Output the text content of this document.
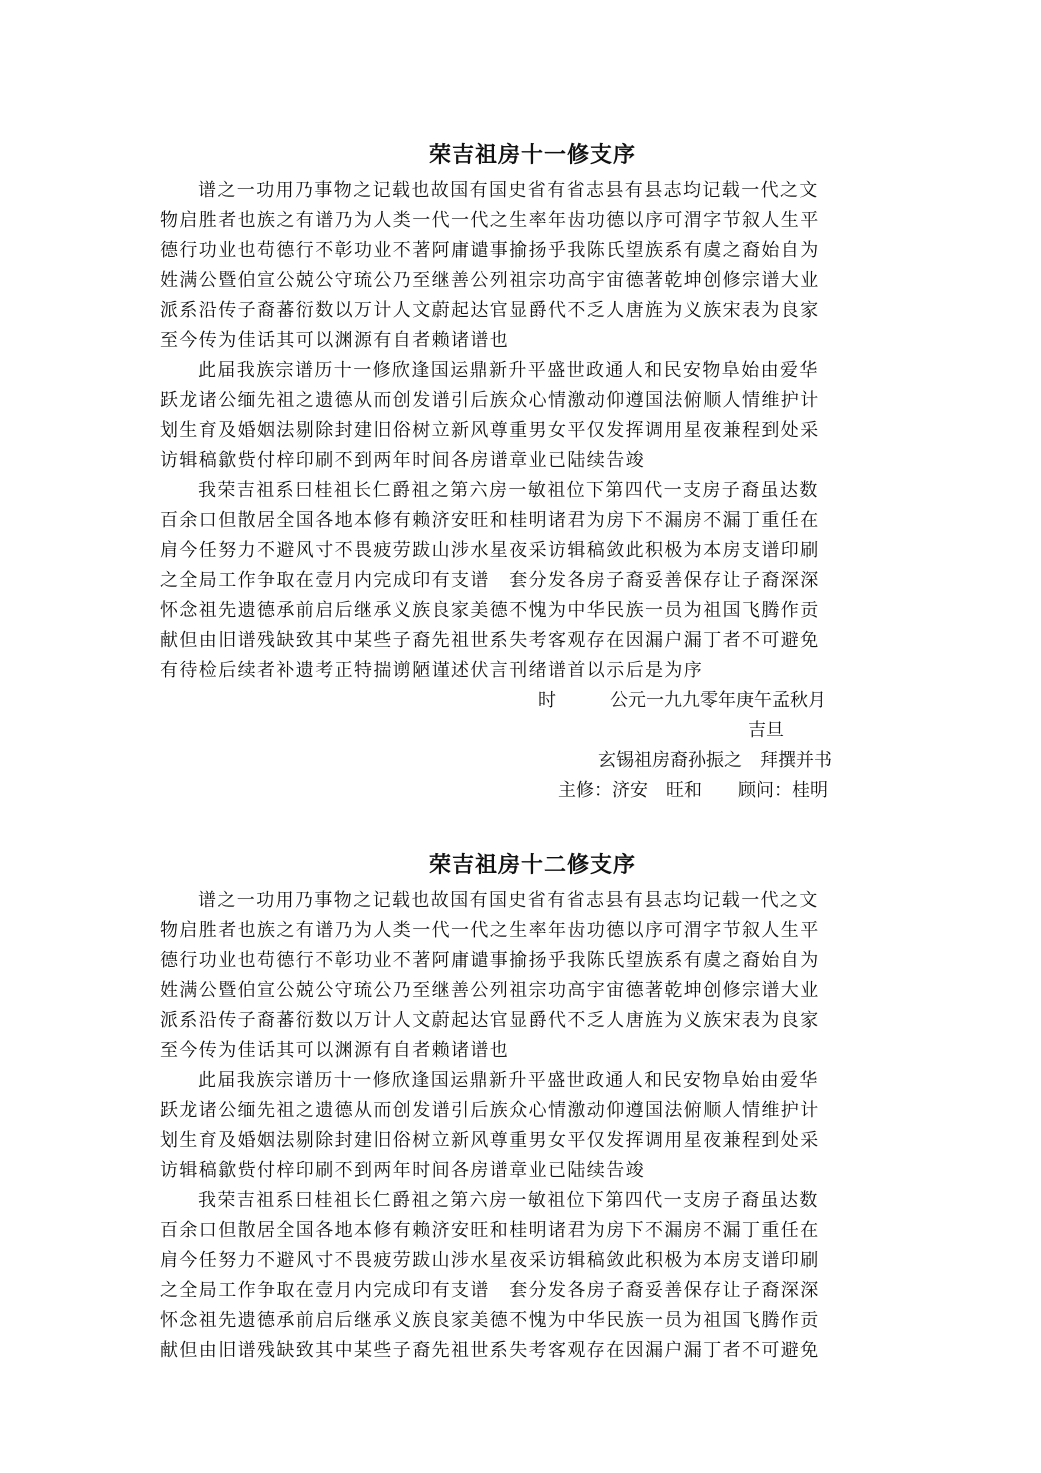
荣吉祖房十一修支序
谱之一功用乃事物之记载也故国有国史省有省志县有县志均记载一代之文
物启胜者也族之有谱乃为人类一代一代之生率年齿功德以序可渭字节叙人生平
德行功业也苟德行不彰功业不著阿庸谴事揄扬乎我陈氏望族系有虞之裔始自为
姓满公暨伯宣公兢公守琉公乃至继善公列祖宗功高宇宙德著乾坤创修宗谱大业
派系沿传子裔蕃衍数以万计人文蔚起达官显爵代不乏人唐旌为义族宋表为良家
至今传为佳话其可以渊源有自者赖诸谱也
此届我族宗谱历十一修欣逢国运鼎新升平盛世政通人和民安物阜始由爱华
跃龙诸公缅先祖之遗德从而创发谱引后族众心情激动仰遵国法俯顺人情维护计
划生育及婚姻法剔除封建旧俗树立新风尊重男女平仅发挥调用星夜兼程到处采
访辑稿歙赀付梓印刷不到两年时间各房谱章业已陆续告竣
我荣吉祖系曰桂祖长仁爵祖之第六房一敏祖位下第四代一支房子裔虽达数
百余口但散居全国各地本修有赖济安旺和桂明诸君为房下不漏房不漏丁重任在
肩今任努力不避风寸不畏疲劳跋山涉水星夜采访辑稿敛此积极为本房支谱印刷
之全局工作争取在壹月内完成印有支谱　套分发各房子裔妥善保存让子裔深深
怀念祖先遗德承前启后继承义族良家美德不愧为中华民族一员为祖国飞腾作贡
献但由旧谱残缺致其中某些子裔先祖世系失考客观存在因漏户漏丁者不可避免
有待检后续者补遗考正特揣谫陋谨述伏言刊绪谱首以示后是为序
时　　　公元一九九零年庚午孟秋月
吉旦
玄锡祖房裔孙振之　拜撰并书
主修：济安　旺和　　顾问：桂明
荣吉祖房十二修支序
谱之一功用乃事物之记载也故国有国史省有省志县有县志均记载一代之文
物启胜者也族之有谱乃为人类一代一代之生率年齿功德以序可渭字节叙人生平
德行功业也苟德行不彰功业不著阿庸谴事揄扬乎我陈氏望族系有虞之裔始自为
姓满公暨伯宣公兢公守琉公乃至继善公列祖宗功高宇宙德著乾坤创修宗谱大业
派系沿传子裔蕃衍数以万计人文蔚起达官显爵代不乏人唐旌为义族宋表为良家
至今传为佳话其可以渊源有自者赖诸谱也
此届我族宗谱历十一修欣逢国运鼎新升平盛世政通人和民安物阜始由爱华
跃龙诸公缅先祖之遗德从而创发谱引后族众心情激动仰遵国法俯顺人情维护计
划生育及婚姻法剔除封建旧俗树立新风尊重男女平仅发挥调用星夜兼程到处采
访辑稿歙赀付梓印刷不到两年时间各房谱章业已陆续告竣
我荣吉祖系曰桂祖长仁爵祖之第六房一敏祖位下第四代一支房子裔虽达数
百余口但散居全国各地本修有赖济安旺和桂明诸君为房下不漏房不漏丁重任在
肩今任努力不避风寸不畏疲劳跋山涉水星夜采访辑稿敛此积极为本房支谱印刷
之全局工作争取在壹月内完成印有支谱　套分发各房子裔妥善保存让子裔深深
怀念祖先遗德承前启后继承义族良家美德不愧为中华民族一员为祖国飞腾作贡
献但由旧谱残缺致其中某些子裔先祖世系失考客观存在因漏户漏丁者不可避免
